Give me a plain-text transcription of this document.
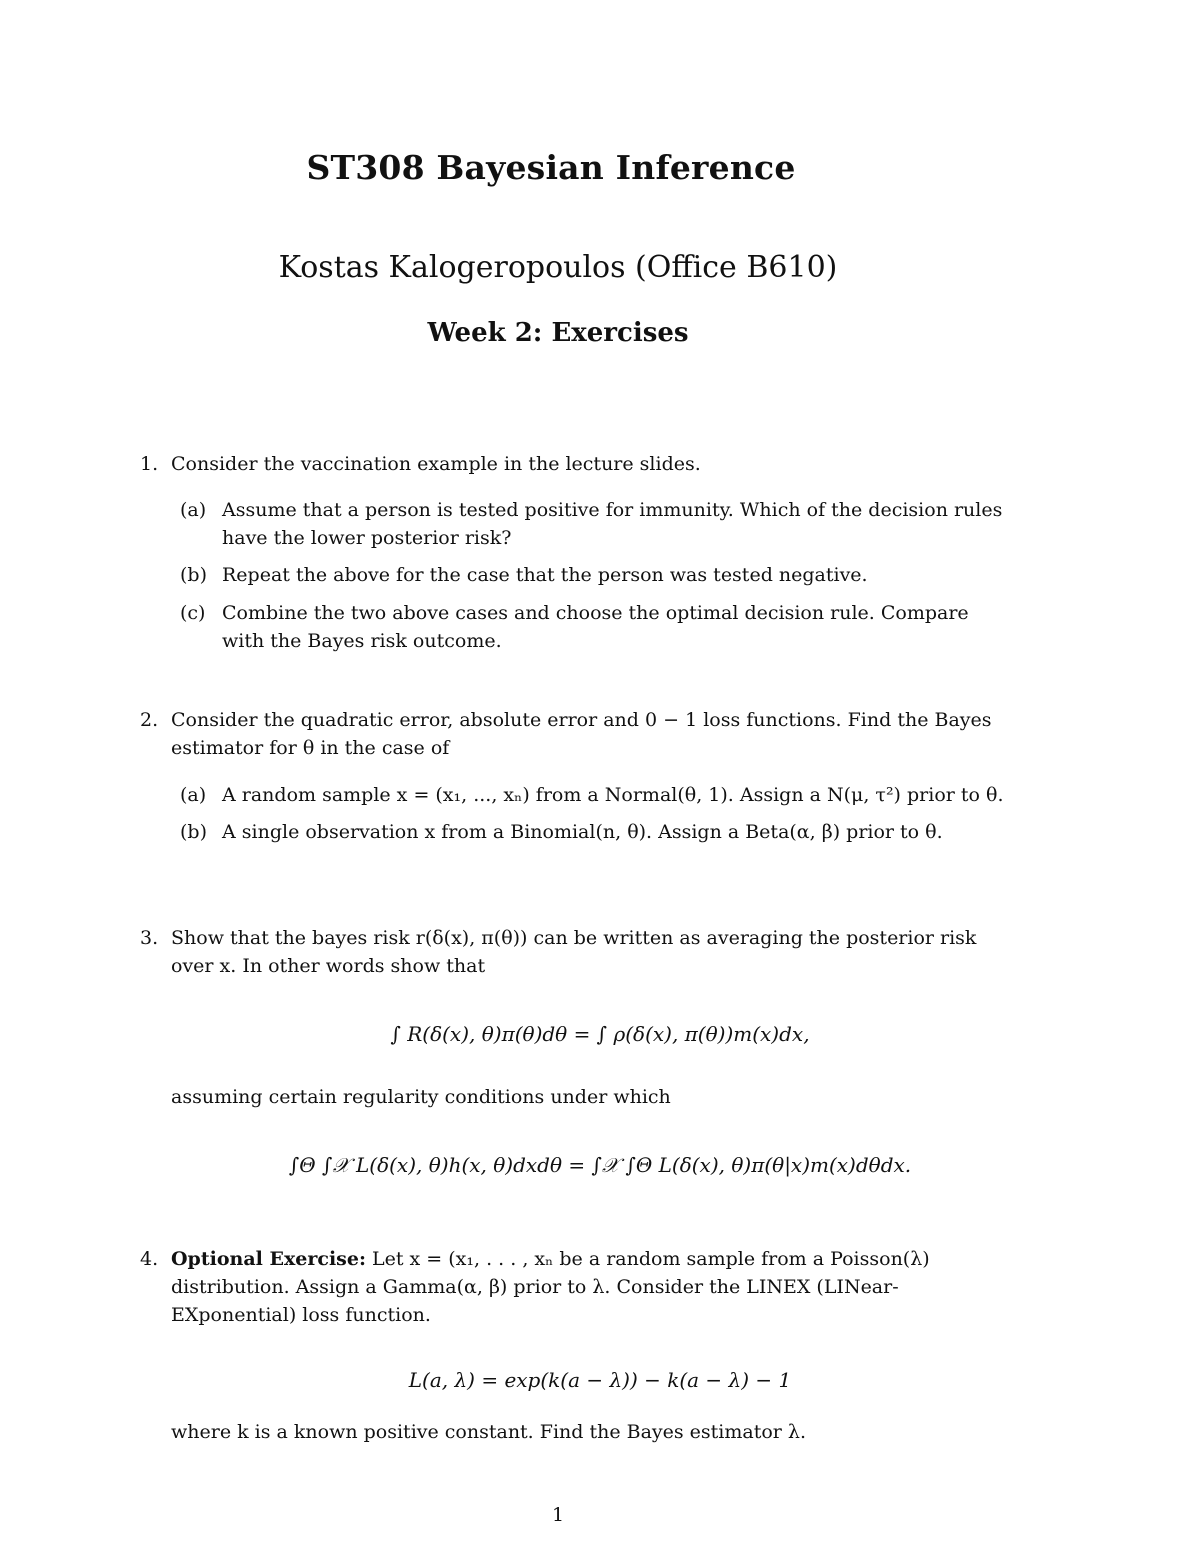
ST308 Bayesian Inference
Kostas Kalogeropoulos (Office B610)
Week 2: Exercises
1. Consider the vaccination example in the lecture slides.
(a) Assume that a person is tested positive for immunity. Which of the decision rules have the lower posterior risk?
(b) Repeat the above for the case that the person was tested negative.
(c) Combine the two above cases and choose the optimal decision rule. Compare with the Bayes risk outcome.
2. Consider the quadratic error, absolute error and 0 − 1 loss functions. Find the Bayes estimator for θ in the case of
(a) A random sample x = (x₁, ..., xₙ) from a Normal(θ, 1). Assign a N(μ, τ²) prior to θ.
(b) A single observation x from a Binomial(n, θ). Assign a Beta(α, β) prior to θ.
3. Show that the bayes risk r(δ(x), π(θ)) can be written as averaging the posterior risk over x. In other words show that
∫ R(δ(x), θ)π(θ)dθ = ∫ ρ(δ(x), π(θ))m(x)dx,
assuming certain regularity conditions under which
∫Θ ∫𝒳 L(δ(x), θ)h(x, θ)dxdθ = ∫𝒳 ∫Θ L(δ(x), θ)π(θ|x)m(x)dθdx.
4. Optional Exercise: Let x = (x₁, . . . , xₙ be a random sample from a Poisson(λ) distribution. Assign a Gamma(α, β) prior to λ. Consider the LINEX (LINear-EXponential) loss function.
L(a, λ) = exp(k(a − λ)) − k(a − λ) − 1
where k is a known positive constant. Find the Bayes estimator λ.
1
